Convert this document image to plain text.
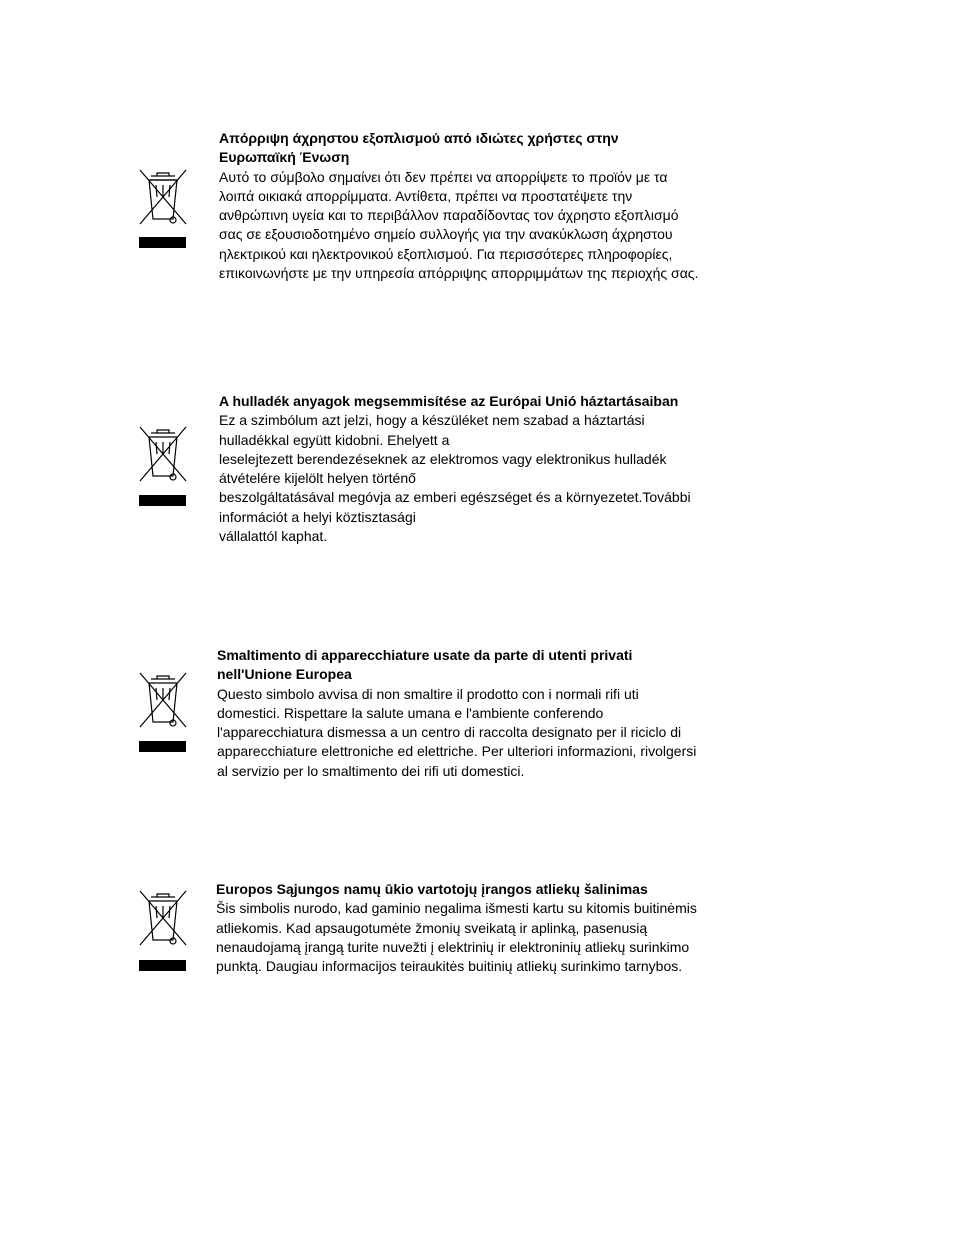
Απόρριψη άχρηστου εξοπλισμού από ιδιώτες χρήστες στην
Ευρωπαϊκή Ένωση

Αυτό το σύμβολο σημαίνει ότι δεν πρέπει να απορρίψετε το προϊόν με τα

λοιπά οικιακά απορρίμματα. Αντίθετα, πρέπει να προστατέψετε την

ανθρώπινη υγεία και το περιβάλλον παραδίδοντας τον άχρηστο εξοπλισμό

σας σε εξουσιοδοτημένο σημείο συλλογής για την ανακύκλωση άχρηστου

ηλεκτρικού και ηλεκτρονικού εξοπλισμού. Για περισσότερες πληροφορίες,

επικοινωνήστε με την υπηρεσία απόρριψης απορριμμάτων της περιοχής σας.

A hulladék anyagok megsemmisítése az Európai Unió háztartásaiban

Ez a szimbólum azt jelzi, hogy a készüléket nem szabad a háztartási

hulladékkal együtt kidobni. Ehelyett a

leselejtezett berendezéseknek az elektromos vagy elektronikus hulladék

átvételére kijelölt helyen történő

beszolgáltatásával megóvja az emberi egészséget és a környezetet.További

információt a helyi köztisztasági

vállalattól kaphat.

Smaltimento di apparecchiature usate da parte di utenti privati
nell'Unione Europea

Questo simbolo avvisa di non smaltire il prodotto con i normali rifi uti

domestici. Rispettare la salute umana e l'ambiente conferendo

l'apparecchiatura dismessa a un centro di raccolta designato per il riciclo di

apparecchiature elettroniche ed elettriche. Per ulteriori informazioni, rivolgersi

al servizio per lo smaltimento dei rifi uti domestici.

Europos Sąjungos namų ūkio vartotojų įrangos atliekų šalinimas

Šis simbolis nurodo, kad gaminio negalima išmesti kartu su kitomis buitinėmis

atliekomis. Kad apsaugotumėte žmonių sveikatą ir aplinką, pasenusią

nenaudojamą įrangą turite nuvežti į elektrinių ir elektroninių atliekų surinkimo

punktą. Daugiau informacijos teiraukitės buitinių atliekų surinkimo tarnybos.
